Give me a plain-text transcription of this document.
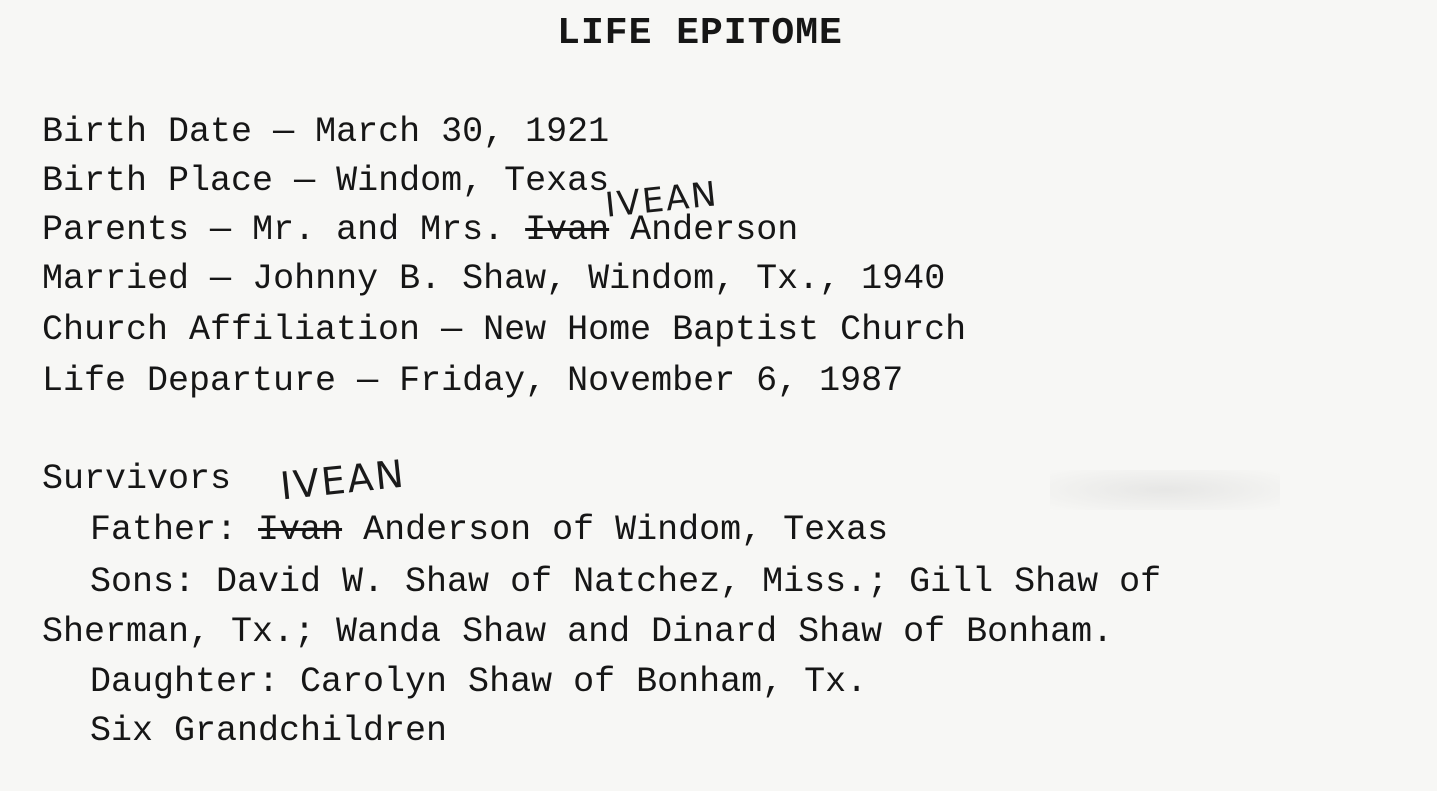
LIFE EPITOME
Birth Date — March 30, 1921
Birth Place — Windom, Texas
Parents — Mr. and Mrs. Ivan Anderson
IVEAN
Married — Johnny B. Shaw, Windom, Tx., 1940
Church Affiliation — New Home Baptist Church
Life Departure — Friday, November 6, 1987
Survivors IVEAN
Father: Ivan Anderson of Windom, Texas
Sons: David W. Shaw of Natchez, Miss.; Gill Shaw of
Sherman, Tx.; Wanda Shaw and Dinard Shaw of Bonham.
Daughter: Carolyn Shaw of Bonham, Tx.
Six Grandchildren
